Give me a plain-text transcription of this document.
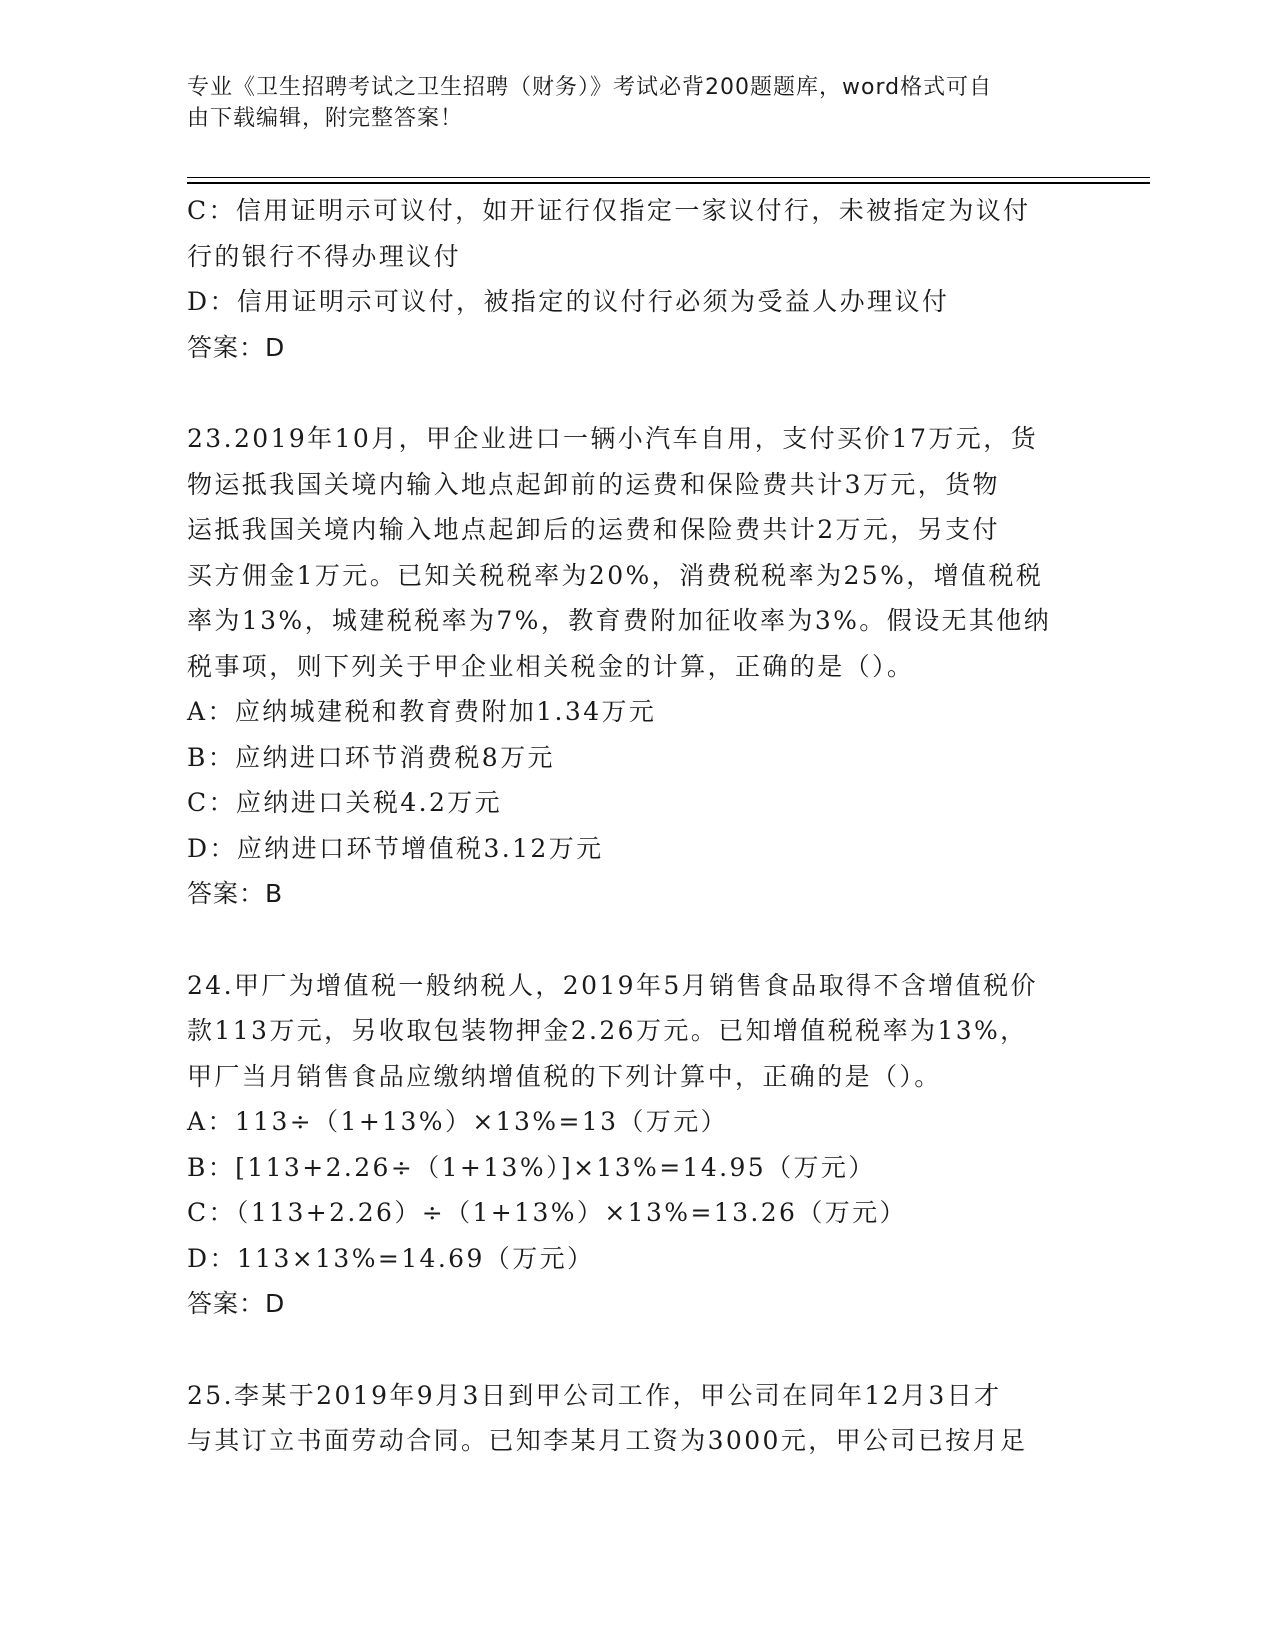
专业《卫生招聘考试之卫生招聘（财务）》考试必背200题题库，word格式可自
由下载编辑，附完整答案！

C：信用证明示可议付，如开证行仅指定一家议付行，未被指定为议付

行的银行不得办理议付

D：信用证明示可议付，被指定的议付行必须为受益人办理议付

答案：D

23.2019年10月，甲企业进口一辆小汽车自用，支付买价17万元，货

物运抵我国关境内输入地点起卸前的运费和保险费共计3万元，货物

运抵我国关境内输入地点起卸后的运费和保险费共计2万元，另支付

买方佣金1万元。已知关税税率为20%，消费税税率为25%，增值税税

率为13%，城建税税率为7%，教育费附加征收率为3%。假设无其他纳

税事项，则下列关于甲企业相关税金的计算，正确的是（）。

A：应纳城建税和教育费附加1.34万元

B：应纳进口环节消费税8万元

C：应纳进口关税4.2万元

D：应纳进口环节增值税3.12万元

答案：B

24.甲厂为增值税一般纳税人，2019年5月销售食品取得不含增值税价

款113万元，另收取包装物押金2.26万元。已知增值税税率为13%，

甲厂当月销售食品应缴纳增值税的下列计算中，正确的是（）。

A：113÷（1+13%）×13%=13（万元）

B：[113+2.26÷（1+13%）]×13%=14.95（万元）

C：（113+2.26）÷（1+13%）×13%=13.26（万元）

D：113×13%=14.69（万元）

答案：D

25.李某于2019年9月3日到甲公司工作，甲公司在同年12月3日才

与其订立书面劳动合同。已知李某月工资为3000元，甲公司已按月足
